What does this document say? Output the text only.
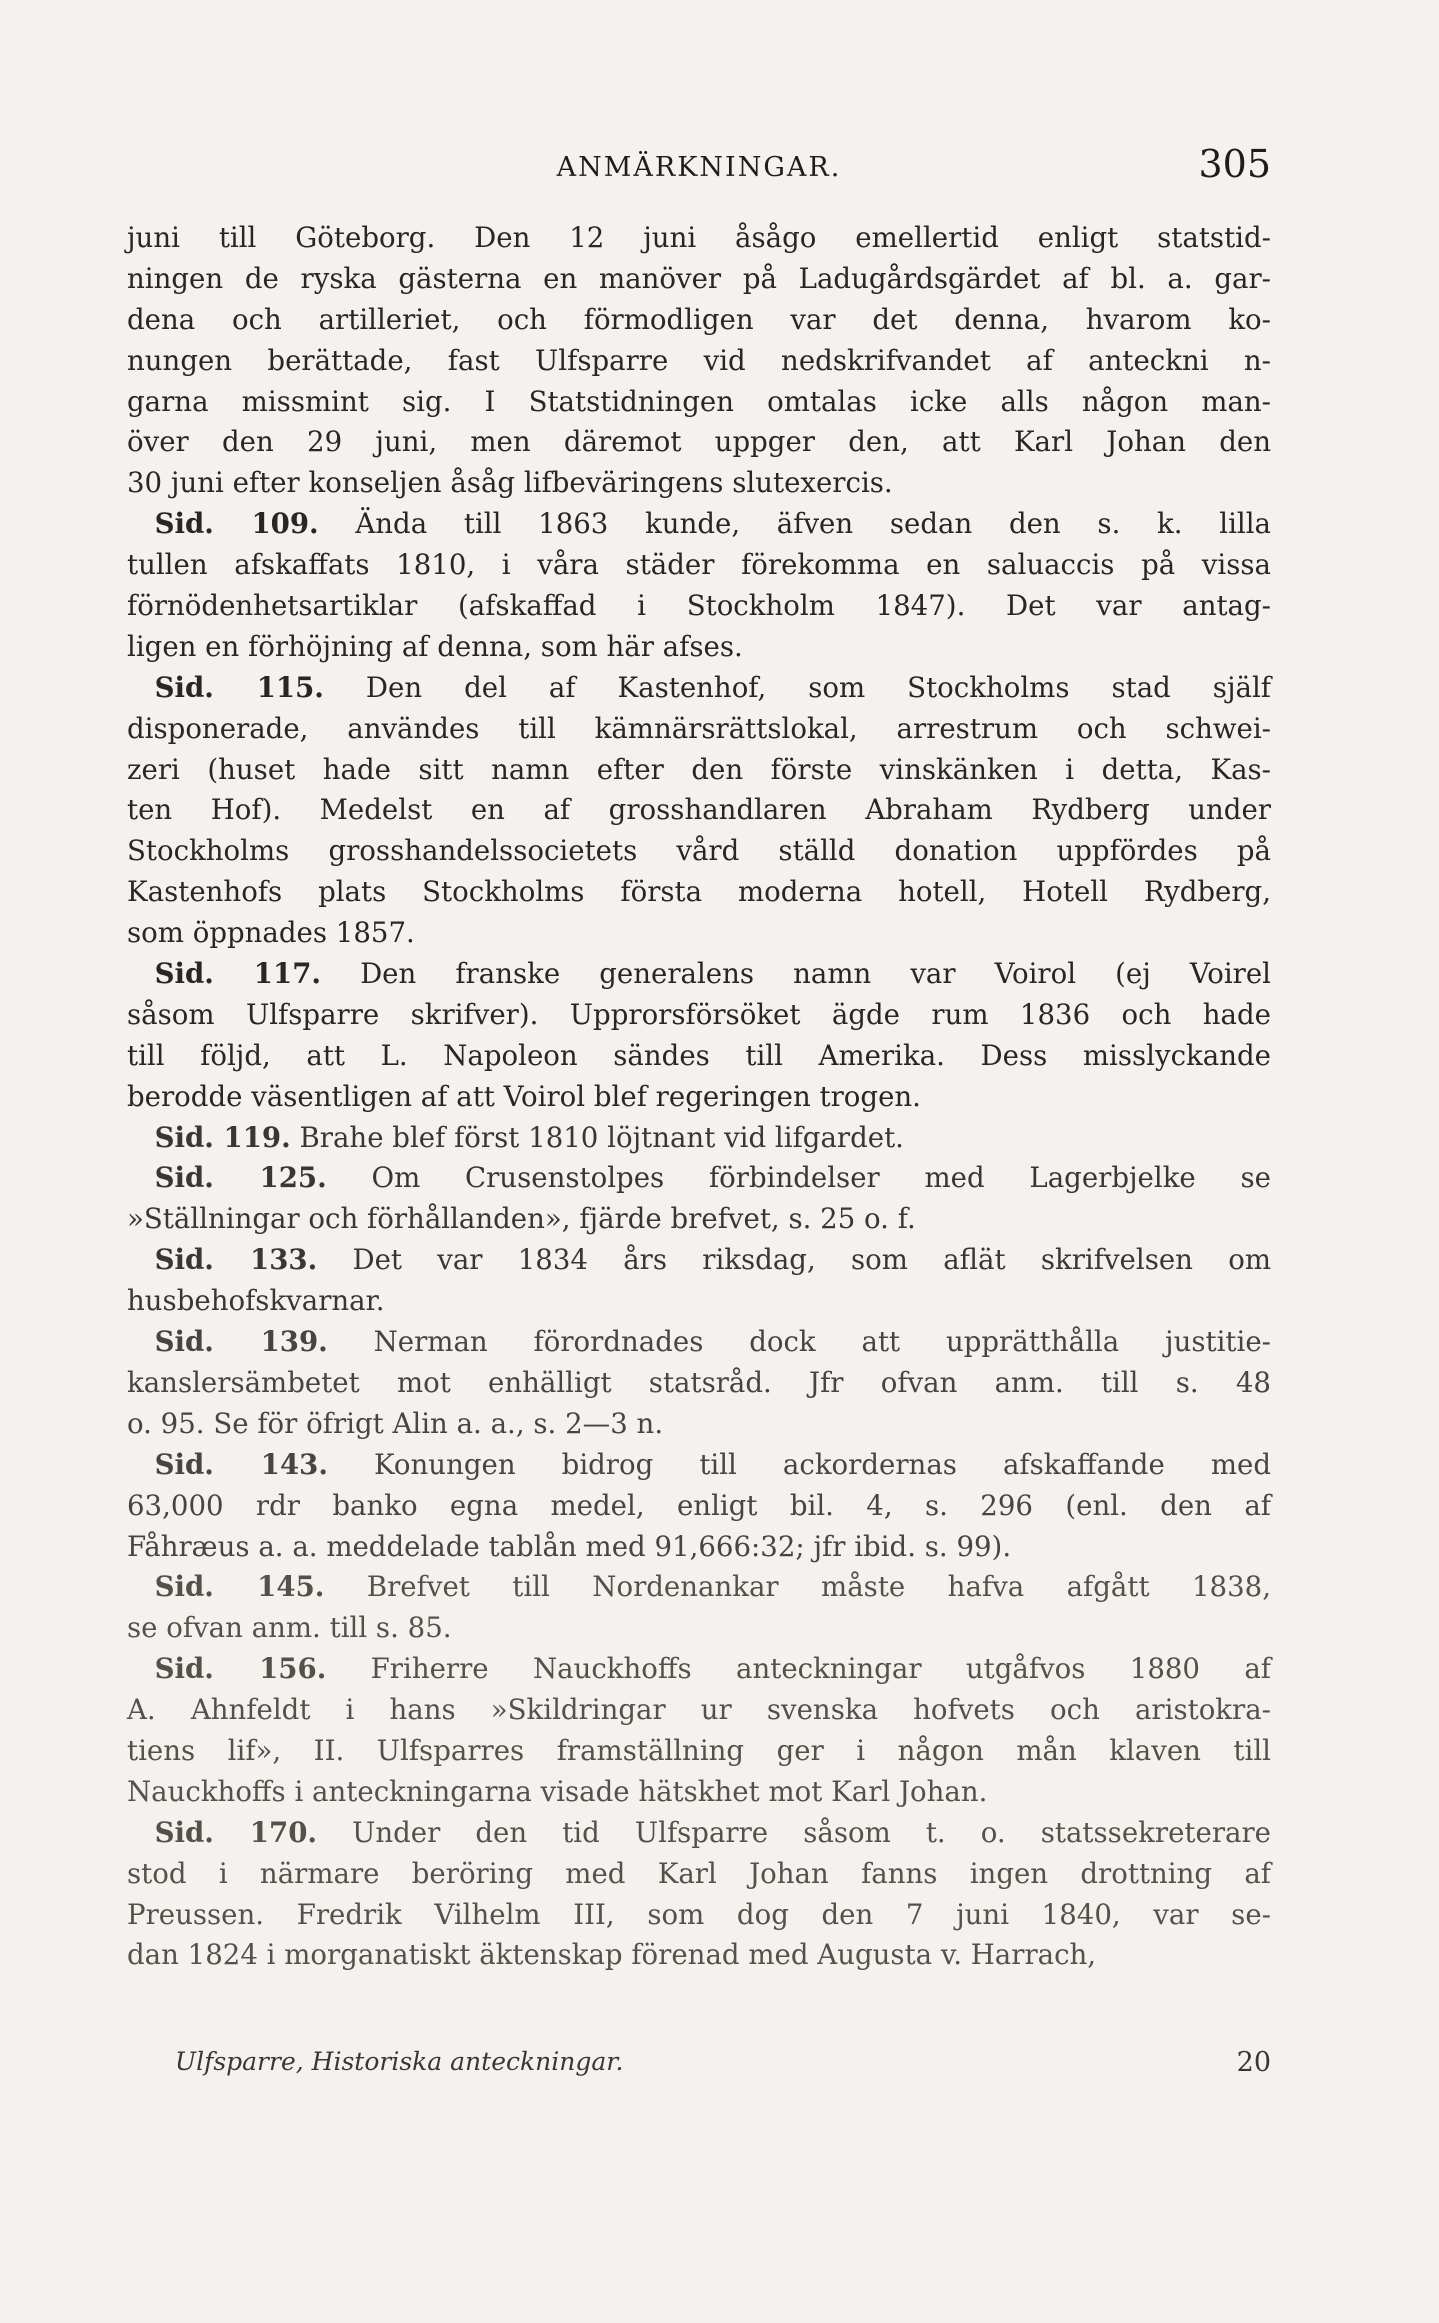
ANMÄRKNINGAR.	305
juni till Göteborg. Den 12 juni åsågo emellertid enligt statstid-
ningen de ryska gästerna en manöver på Ladugårdsgärdet af bl. a. gar-
dena och artilleriet, och förmodligen var det denna, hvarom ko-
nungen berättade, fast Ulfsparre vid nedskrifvandet af anteckni n-
garna missmint sig. I Statstidningen omtalas icke alls någon man-
över den 29 juni, men däremot uppger den, att Karl Johan den
30 juni efter konseljen åsåg lifbeväringens slutexercis.
 Sid. 109. Ända till 1863 kunde, äfven sedan den s. k. lilla
tullen afskaffats 1810, i våra städer förekomma en saluaccis på vissa
förnödenhetsartiklar (afskaffad i Stockholm 1847). Det var antag-
ligen en förhöjning af denna, som här afses.
 Sid. 115. Den del af Kastenhof, som Stockholms stad själf
disponerade, användes till kämnärsrättslokal, arrestrum och schwei-
zeri (huset hade sitt namn efter den förste vinskänken i detta, Kas-
ten Hof). Medelst en af grosshandlaren Abraham Rydberg under
Stockholms grosshandelssocietets vård ställd donation uppfördes på
Kastenhofs plats Stockholms första moderna hotell, Hotell Rydberg,
som öppnades 1857.
 Sid. 117. Den franske generalens namn var Voirol (ej Voirel
såsom Ulfsparre skrifver). Upprorsförsöket ägde rum 1836 och hade
till följd, att L. Napoleon sändes till Amerika. Dess misslyckande
berodde väsentligen af att Voirol blef regeringen trogen.
 Sid. 119. Brahe blef först 1810 löjtnant vid lifgardet.
 Sid. 125. Om Crusenstolpes förbindelser med Lagerbjelke se
»Ställningar och förhållanden», fjärde brefvet, s. 25 o. f.
 Sid. 133. Det var 1834 års riksdag, som aflät skrifvelsen om
husbehofskvarnar.
 Sid. 139. Nerman förordnades dock att upprätthålla justitie-
kanslersämbetet mot enhälligt statsråd. Jfr ofvan anm. till s. 48
o. 95. Se för öfrigt Alin a. a., s. 2—3 n.
 Sid. 143. Konungen bidrog till ackordernas afskaffande med
63,000 rdr banko egna medel, enligt bil. 4, s. 296 (enl. den af
Fåhræus a. a. meddelade tablån med 91,666:32; jfr ibid. s. 99).
 Sid. 145. Brefvet till Nordenankar måste hafva afgått 1838,
se ofvan anm. till s. 85.
 Sid. 156. Friherre Nauckhoffs anteckningar utgåfvos 1880 af
A. Ahnfeldt i hans »Skildringar ur svenska hofvets och aristokra-
tiens lif», II. Ulfsparres framställning ger i någon mån klaven till
Nauckhoffs i anteckningarna visade hätskhet mot Karl Johan.
 Sid. 170. Under den tid Ulfsparre såsom t. o. statssekreterare
stod i närmare beröring med Karl Johan fanns ingen drottning af
Preussen. Fredrik Vilhelm III, som dog den 7 juni 1840, var se-
dan 1824 i morganatiskt äktenskap förenad med Augusta v. Harrach,
Ulfsparre, Historiska anteckningar.	20
